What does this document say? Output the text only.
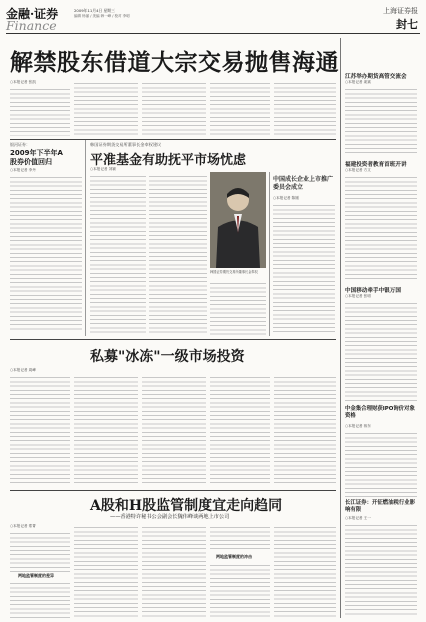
金融·证券
Finance
2009年11月4日 星期三
编辑 杨丽 / 美编 韩一峰 / 校对 李明
上海证券报
封七
解禁股东借道大宗交易抛售海通
○本报记者 张凯
江苏举办期货高管交流会
○本报记者 姜斌
福建投资者教育首班开讲
○本报记者 方文
中国移动牵手中银万国
○本报记者 张明
中金集合理财获IPO询价对象资格
○本报记者 蒋东
长江证券：开征燃油税行业影响有限
○本报记者 王一
银河证券：
2009年下半年A股券价值回归
○本报记者 李丹
韩国证券期货交易所董事长金奉权建议
平准基金有助抚平市场忧虑
○本报记者 刘颖
韩国证券期货交易所董事长金奉权
中国成长企业上市推广委员会成立
○本报记者 陈刚
私募"冰冻"一级市场投资
○本报记者 周峰
A股和H股监管制度宜走向趋同
——香港特许秘书公会副会长魏伟峰谈两地上市公司
○本报记者 郑菁
两地监管制度的差异
两地监管制度的冲击
